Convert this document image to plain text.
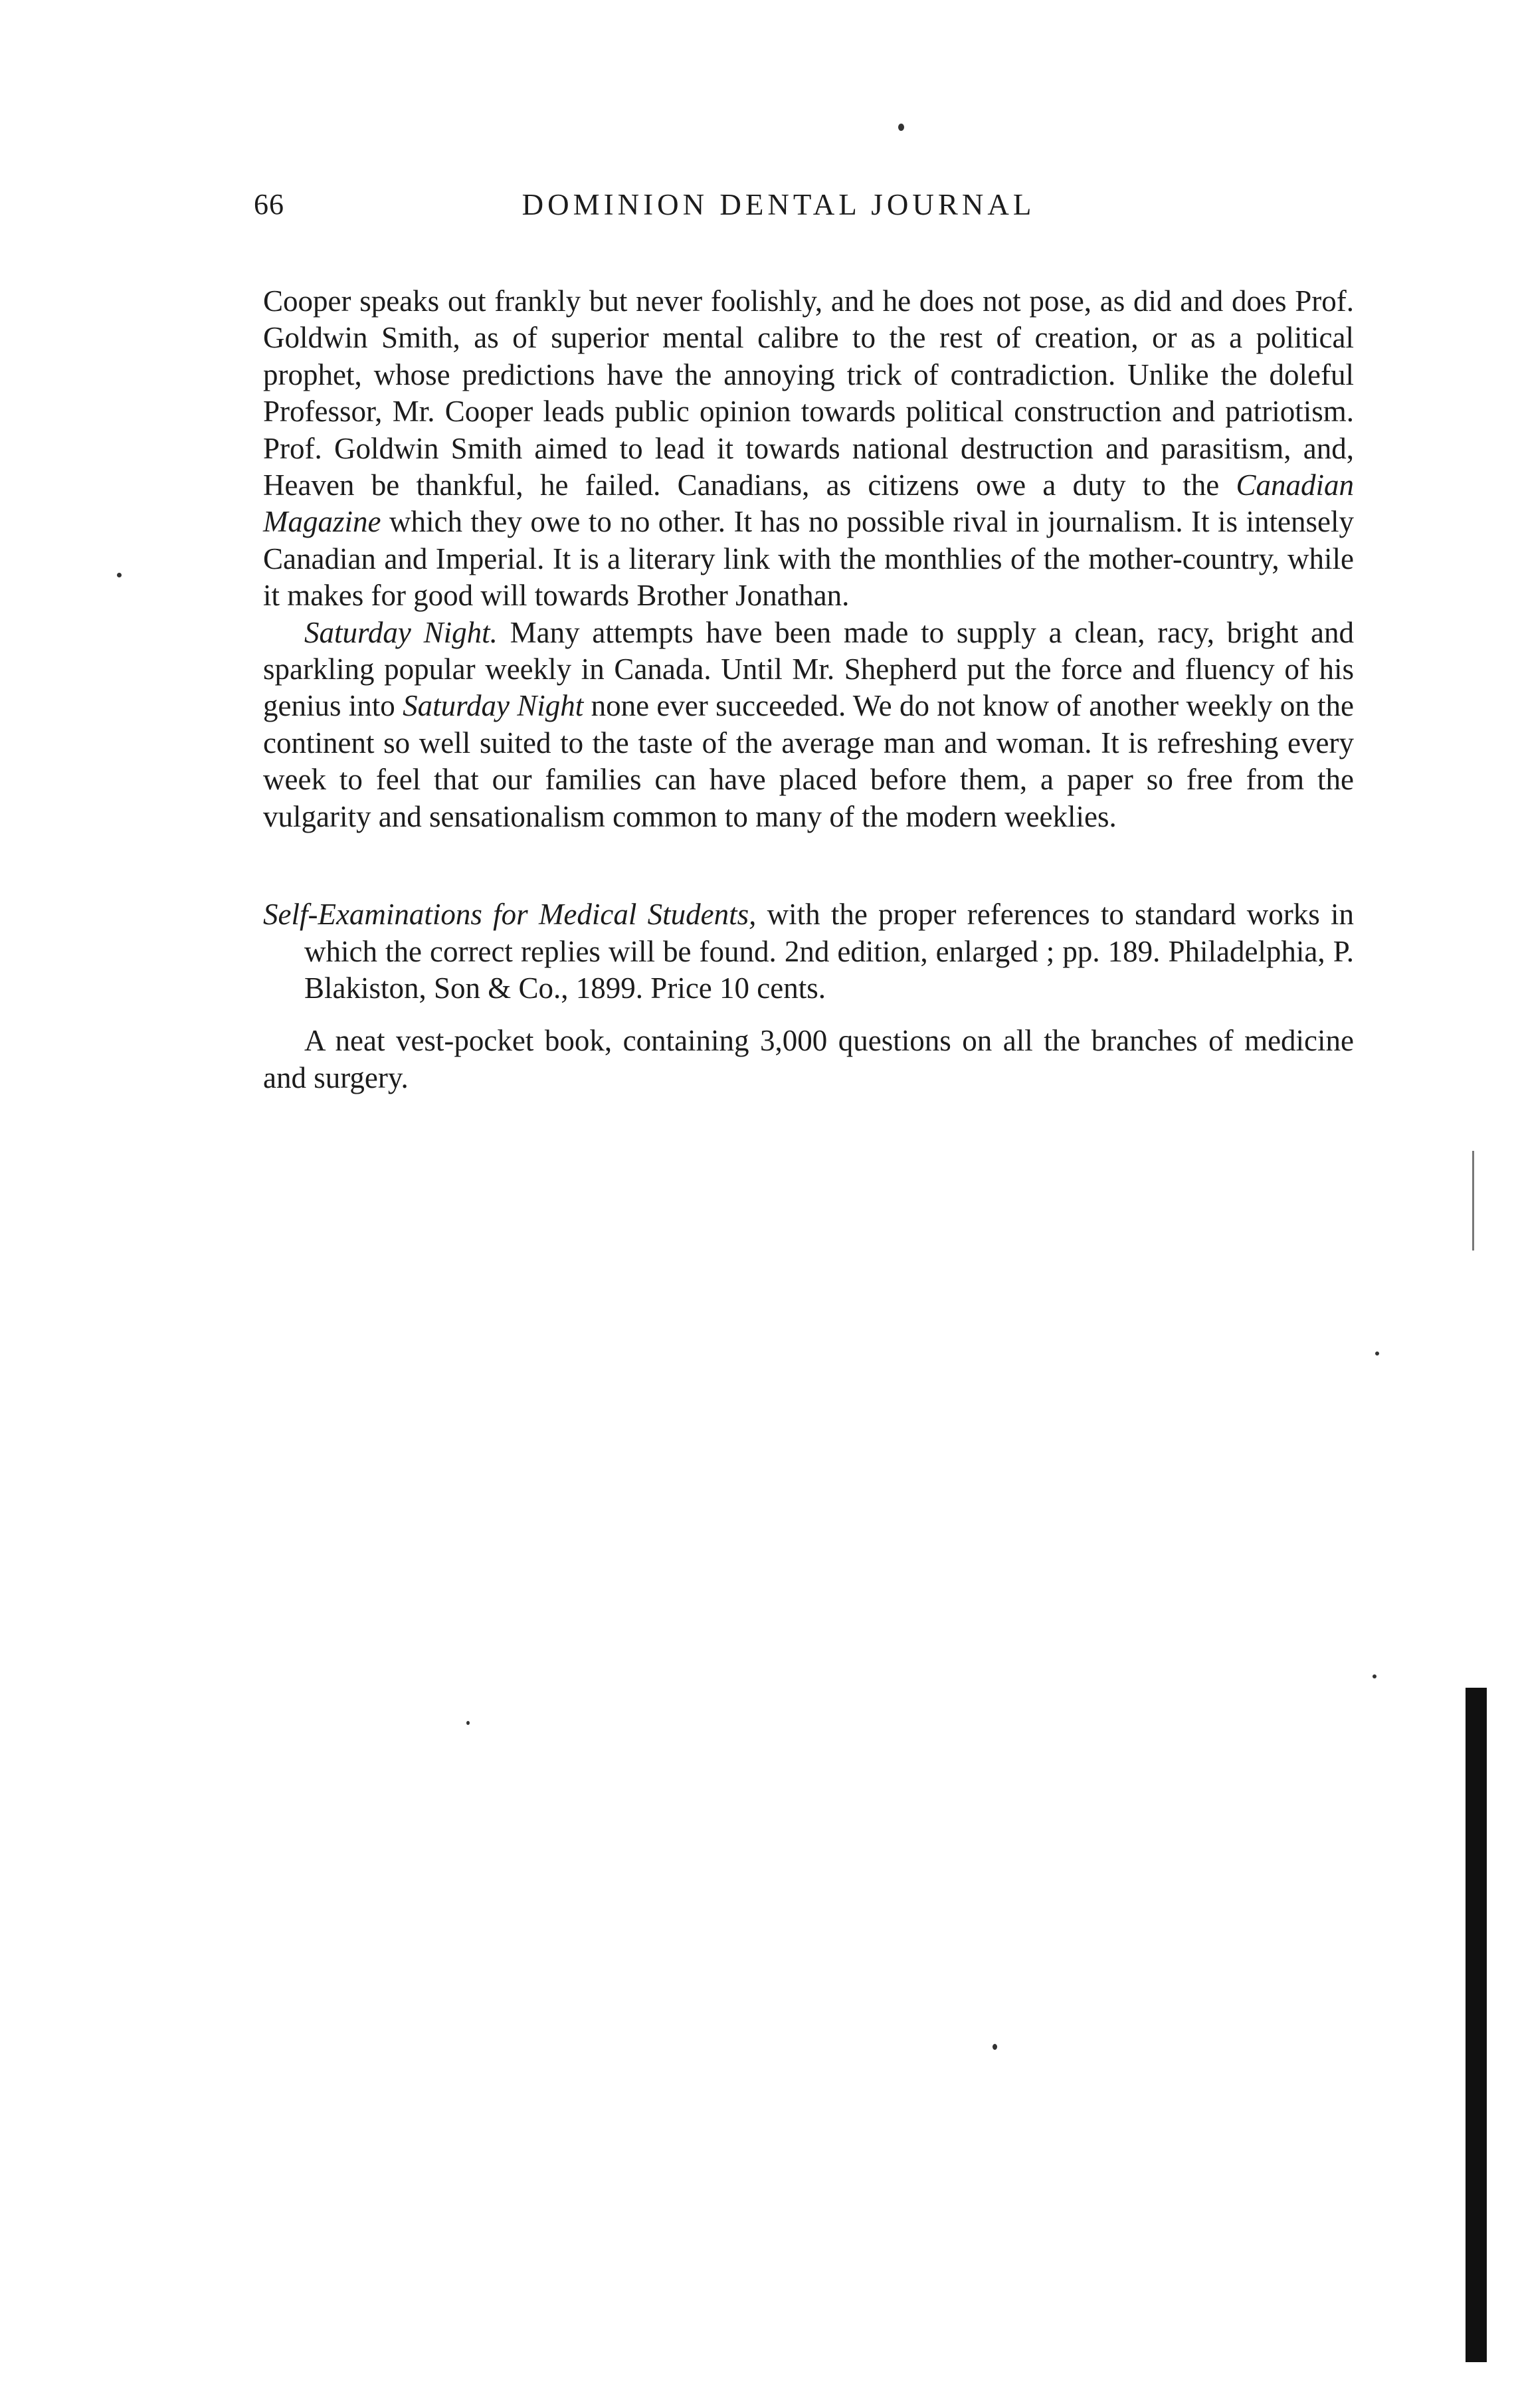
66	DOMINION DENTAL JOURNAL

Cooper speaks out frankly but never foolishly, and he does not pose, as did and does Prof. Goldwin Smith, as of superior mental calibre to the rest of creation, or as a political prophet, whose predictions have the annoying trick of contradiction. Unlike the doleful Professor, Mr. Cooper leads public opinion towards political construction and patriotism. Prof. Goldwin Smith aimed to lead it towards national destruction and parasitism, and, Heaven be thankful, he failed. Canadians, as citizens owe a duty to the Canadian Magazine which they owe to no other. It has no possible rival in journalism. It is intensely Canadian and Imperial. It is a literary link with the monthlies of the mother-country, while it makes for good will towards Brother Jonathan.

Saturday Night. Many attempts have been made to supply a clean, racy, bright and sparkling popular weekly in Canada. Until Mr. Shepherd put the force and fluency of his genius into Saturday Night none ever succeeded. We do not know of another weekly on the continent so well suited to the taste of the average man and woman. It is refreshing every week to feel that our families can have placed before them, a paper so free from the vulgarity and sensationalism common to many of the modern weeklies.

Self-Examinations for Medical Students, with the proper references to standard works in which the correct replies will be found. 2nd edition, enlarged ; pp. 189. Philadelphia, P. Blakiston, Son & Co., 1899. Price 10 cents.

A neat vest-pocket book, containing 3,000 questions on all the branches of medicine and surgery.
